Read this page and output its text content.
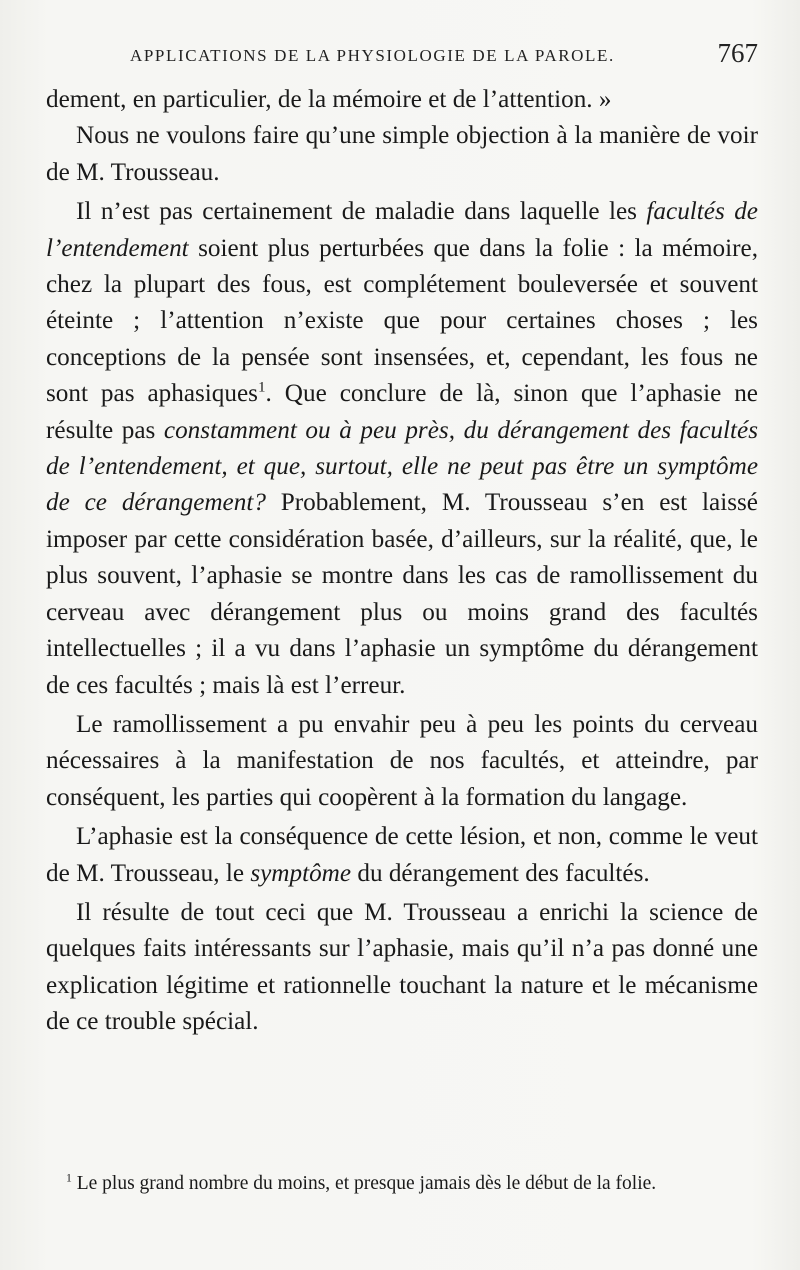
APPLICATIONS DE LA PHYSIOLOGIE DE LA PAROLE.	767

dement, en particulier, de la mémoire et de l’attention. »

Nous ne voulons faire qu’une simple objection à la manière de voir de M. Trousseau.

Il n’est pas certainement de maladie dans laquelle les facultés de l’entendement soient plus perturbées que dans la folie : la mémoire, chez la plupart des fous, est complétement bouleversée et souvent éteinte ; l’attention n’existe que pour certaines choses ; les conceptions de la pensée sont insensées, et, cependant, les fous ne sont pas aphasiques$^1$. Que conclure de là, sinon que l’aphasie ne résulte pas constamment ou à peu près, du dérangement des facultés de l’entendement, et que, surtout, elle ne peut pas être un symptôme de ce dérangement? Probablement, M. Trousseau s’en est laissé imposer par cette considération basée, d’ailleurs, sur la réalité, que, le plus souvent, l’aphasie se montre dans les cas de ramollissement du cerveau avec dérangement plus ou moins grand des facultés intellectuelles ; il a vu dans l’aphasie un symptôme du dérangement de ces facultés ; mais là est l’erreur.

Le ramollissement a pu envahir peu à peu les points du cerveau nécessaires à la manifestation de nos facultés, et atteindre, par conséquent, les parties qui coopèrent à la formation du langage.

L’aphasie est la conséquence de cette lésion, et non, comme le veut de M. Trousseau, le symptôme du dérangement des facultés.

Il résulte de tout ceci que M. Trousseau a enrichi la science de quelques faits intéressants sur l’aphasie, mais qu’il n’a pas donné une explication légitime et rationnelle touchant la nature et le mécanisme de ce trouble spécial.

$^1$ Le plus grand nombre du moins, et presque jamais dès le début de la folie.
